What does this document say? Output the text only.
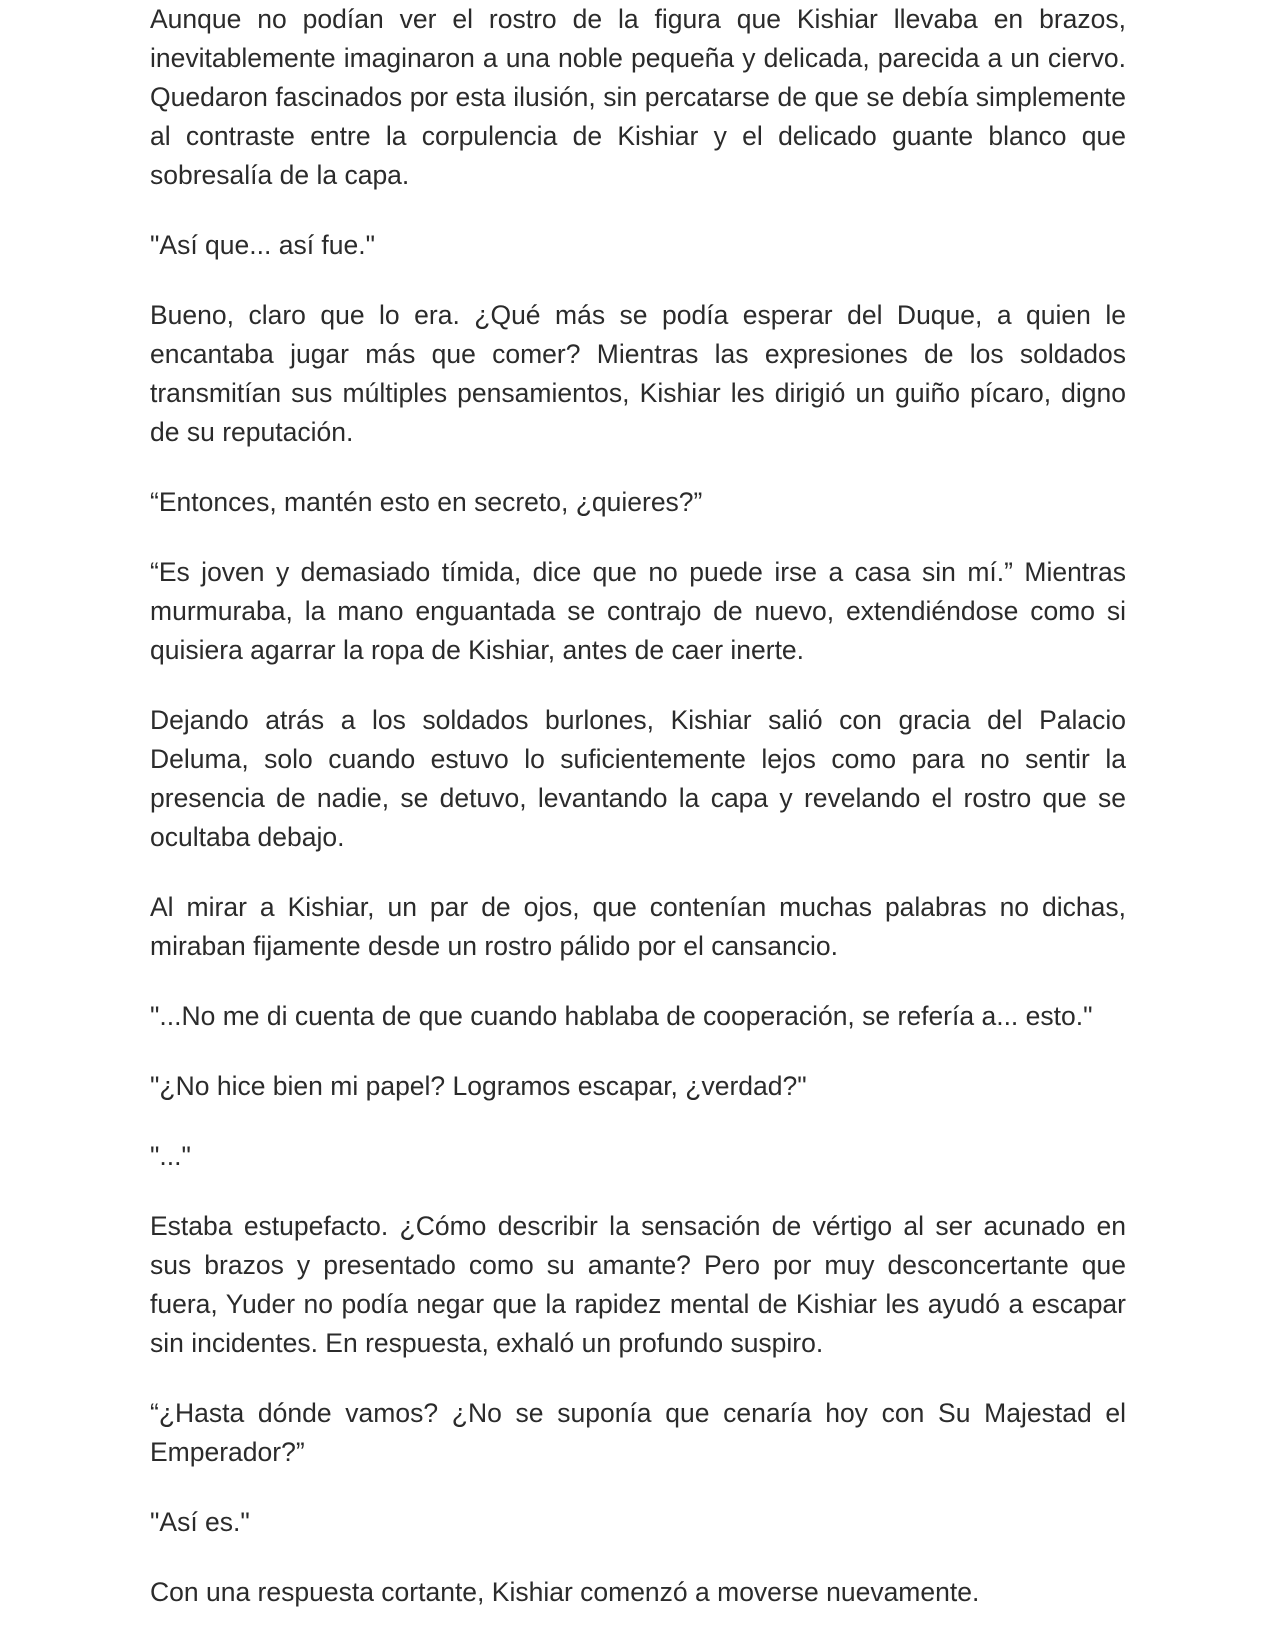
Aunque no podían ver el rostro de la figura que Kishiar llevaba en brazos, inevitablemente imaginaron a una noble pequeña y delicada, parecida a un ciervo. Quedaron fascinados por esta ilusión, sin percatarse de que se debía simplemente al contraste entre la corpulencia de Kishiar y el delicado guante blanco que sobresalía de la capa.

"Así que... así fue."

Bueno, claro que lo era. ¿Qué más se podía esperar del Duque, a quien le encantaba jugar más que comer? Mientras las expresiones de los soldados transmitían sus múltiples pensamientos, Kishiar les dirigió un guiño pícaro, digno de su reputación.

“Entonces, mantén esto en secreto, ¿quieres?”

“Es joven y demasiado tímida, dice que no puede irse a casa sin mí.” Mientras murmuraba, la mano enguantada se contrajo de nuevo, extendiéndose como si quisiera agarrar la ropa de Kishiar, antes de caer inerte.

Dejando atrás a los soldados burlones, Kishiar salió con gracia del Palacio Deluma, solo cuando estuvo lo suficientemente lejos como para no sentir la presencia de nadie, se detuvo, levantando la capa y revelando el rostro que se ocultaba debajo.

Al mirar a Kishiar, un par de ojos, que contenían muchas palabras no dichas, miraban fijamente desde un rostro pálido por el cansancio.

"...No me di cuenta de que cuando hablaba de cooperación, se refería a... esto."

"¿No hice bien mi papel? Logramos escapar, ¿verdad?"

"..."

Estaba estupefacto. ¿Cómo describir la sensación de vértigo al ser acunado en sus brazos y presentado como su amante? Pero por muy desconcertante que fuera, Yuder no podía negar que la rapidez mental de Kishiar les ayudó a escapar sin incidentes. En respuesta, exhaló un profundo suspiro.

“¿Hasta dónde vamos? ¿No se suponía que cenaría hoy con Su Majestad el Emperador?”

"Así es."

Con una respuesta cortante, Kishiar comenzó a moverse nuevamente.
